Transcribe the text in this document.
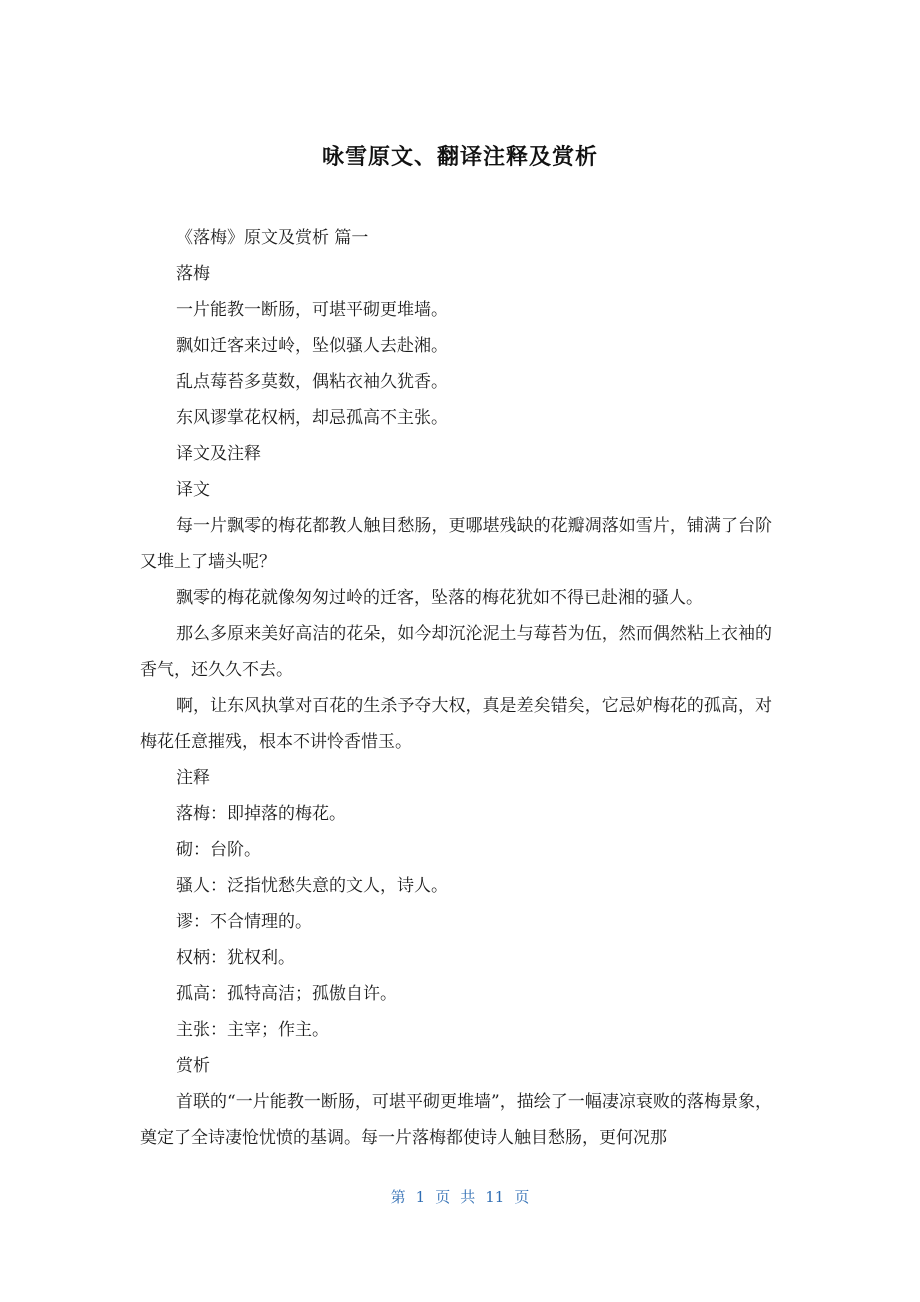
咏雪原文、翻译注释及赏析

《落梅》原文及赏析 篇一

落梅

一片能教一断肠，可堪平砌更堆墙。

飘如迁客来过岭，坠似骚人去赴湘。

乱点莓苔多莫数，偶粘衣袖久犹香。

东风谬掌花权柄，却忌孤高不主张。

译文及注释

译文

每一片飘零的梅花都教人触目愁肠，更哪堪残缺的花瓣凋落如雪片，铺满了台阶又堆上了墙头呢？

飘零的梅花就像匆匆过岭的迁客，坠落的梅花犹如不得已赴湘的骚人。

那么多原来美好高洁的花朵，如今却沉沦泥土与莓苔为伍，然而偶然粘上衣袖的香气，还久久不去。

啊，让东风执掌对百花的生杀予夺大权，真是差矣错矣，它忌妒梅花的孤高，对梅花任意摧残，根本不讲怜香惜玉。

注释

落梅：即掉落的梅花。

砌：台阶。

骚人：泛指忧愁失意的文人，诗人。

谬：不合情理的。

权柄：犹权利。

孤高：孤特高洁；孤傲自许。

主张：主宰；作主。

赏析

首联的“一片能教一断肠，可堪平砌更堆墙”，描绘了一幅凄凉衰败的落梅景象，奠定了全诗凄怆忧愤的基调。每一片落梅都使诗人触目愁肠，更何况那

第 1 页 共 11 页
